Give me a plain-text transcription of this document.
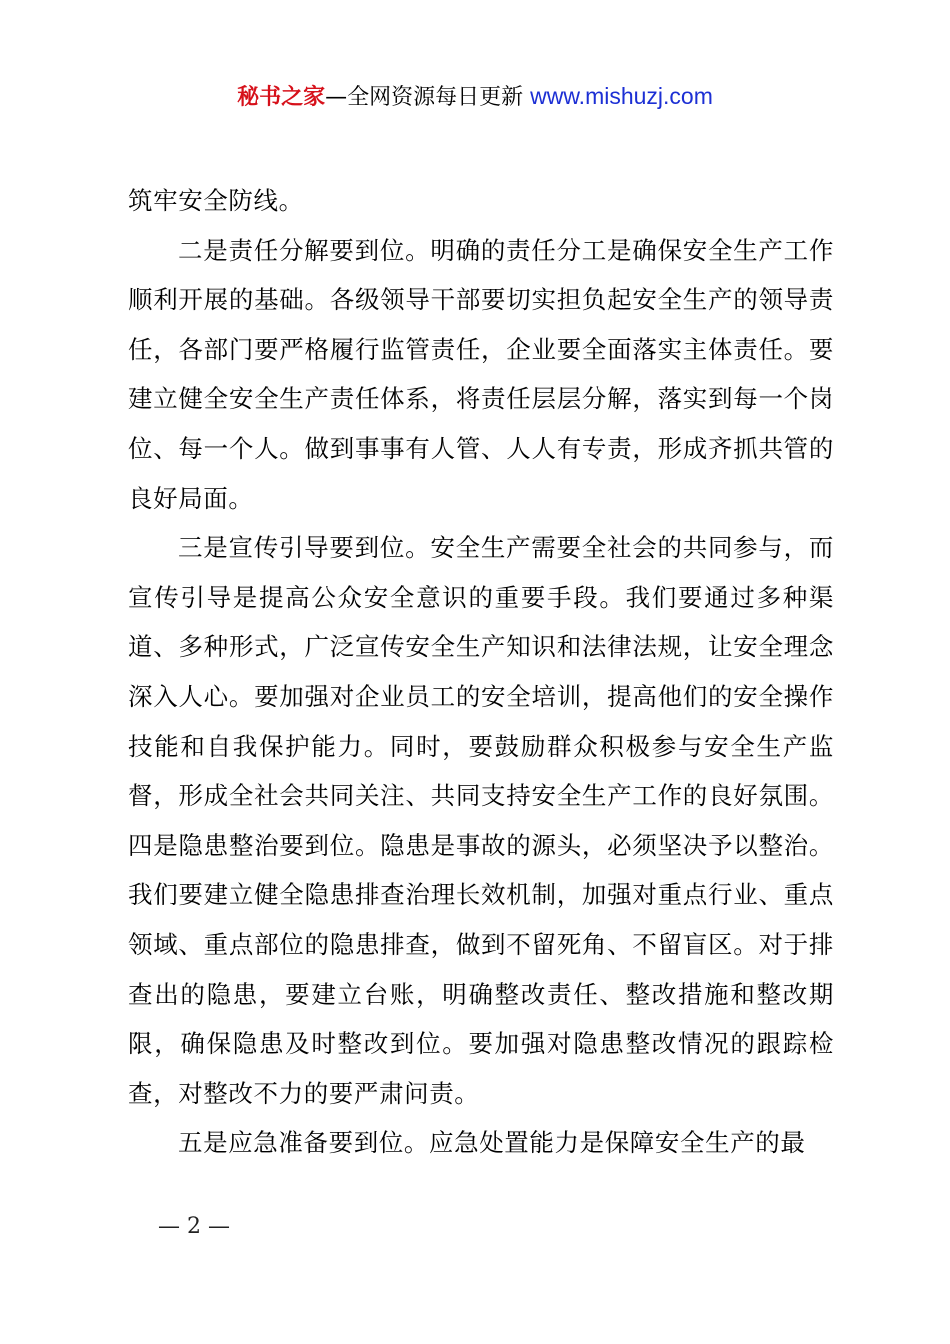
秘书之家—全网资源每日更新 www.mishuzj.com

筑牢安全防线。

二是责任分解要到位。明确的责任分工是确保安全生产工作顺利开展的基础。各级领导干部要切实担负起安全生产的领导责任，各部门要严格履行监管责任，企业要全面落实主体责任。要建立健全安全生产责任体系，将责任层层分解，落实到每一个岗位、每一个人。做到事事有人管、人人有专责，形成齐抓共管的良好局面。

三是宣传引导要到位。安全生产需要全社会的共同参与，而宣传引导是提高公众安全意识的重要手段。我们要通过多种渠道、多种形式，广泛宣传安全生产知识和法律法规，让安全理念深入人心。要加强对企业员工的安全培训，提高他们的安全操作技能和自我保护能力。同时，要鼓励群众积极参与安全生产监督，形成全社会共同关注、共同支持安全生产工作的良好氛围。四是隐患整治要到位。隐患是事故的源头，必须坚决予以整治。我们要建立健全隐患排查治理长效机制，加强对重点行业、重点领域、重点部位的隐患排查，做到不留死角、不留盲区。对于排查出的隐患，要建立台账，明确整改责任、整改措施和整改期限，确保隐患及时整改到位。要加强对隐患整改情况的跟踪检查，对整改不力的要严肃问责。

五是应急准备要到位。应急处置能力是保障安全生产的最

— 2 —
